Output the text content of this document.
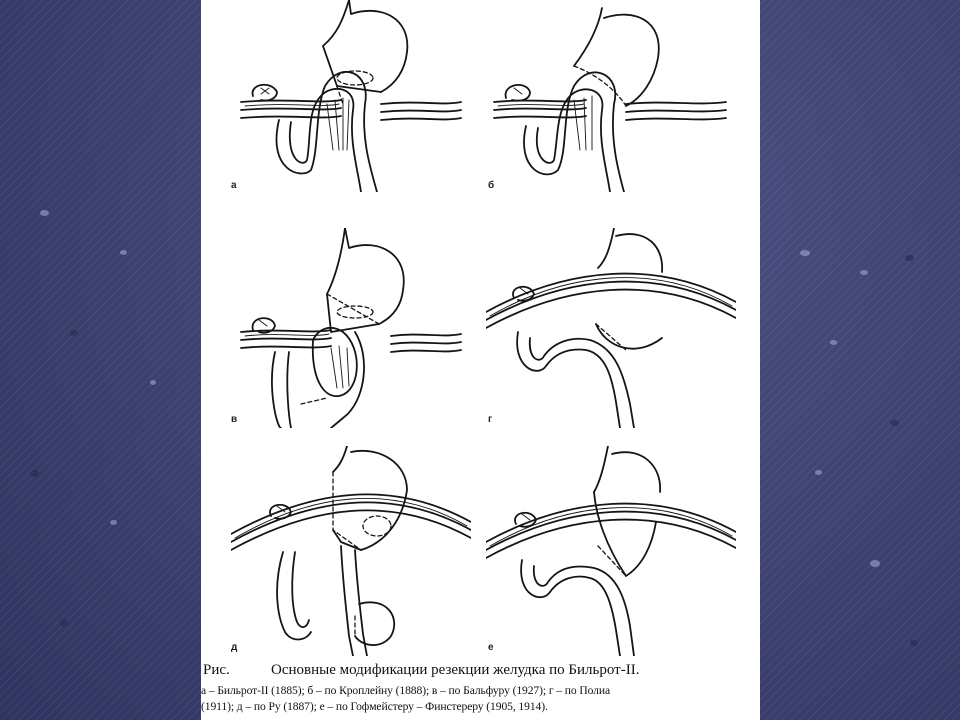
а	б
в	г
д	е
Рис.	Основные модификации резекции желудка по Бильрот-II.
а – Бильрот-II (1885); б – по Кроплейну (1888); в – по Бальфуру (1927); г – по Полиа
(1911); д – по Ру (1887); е – по Гофмейстеру – Финстереру (1905, 1914).
